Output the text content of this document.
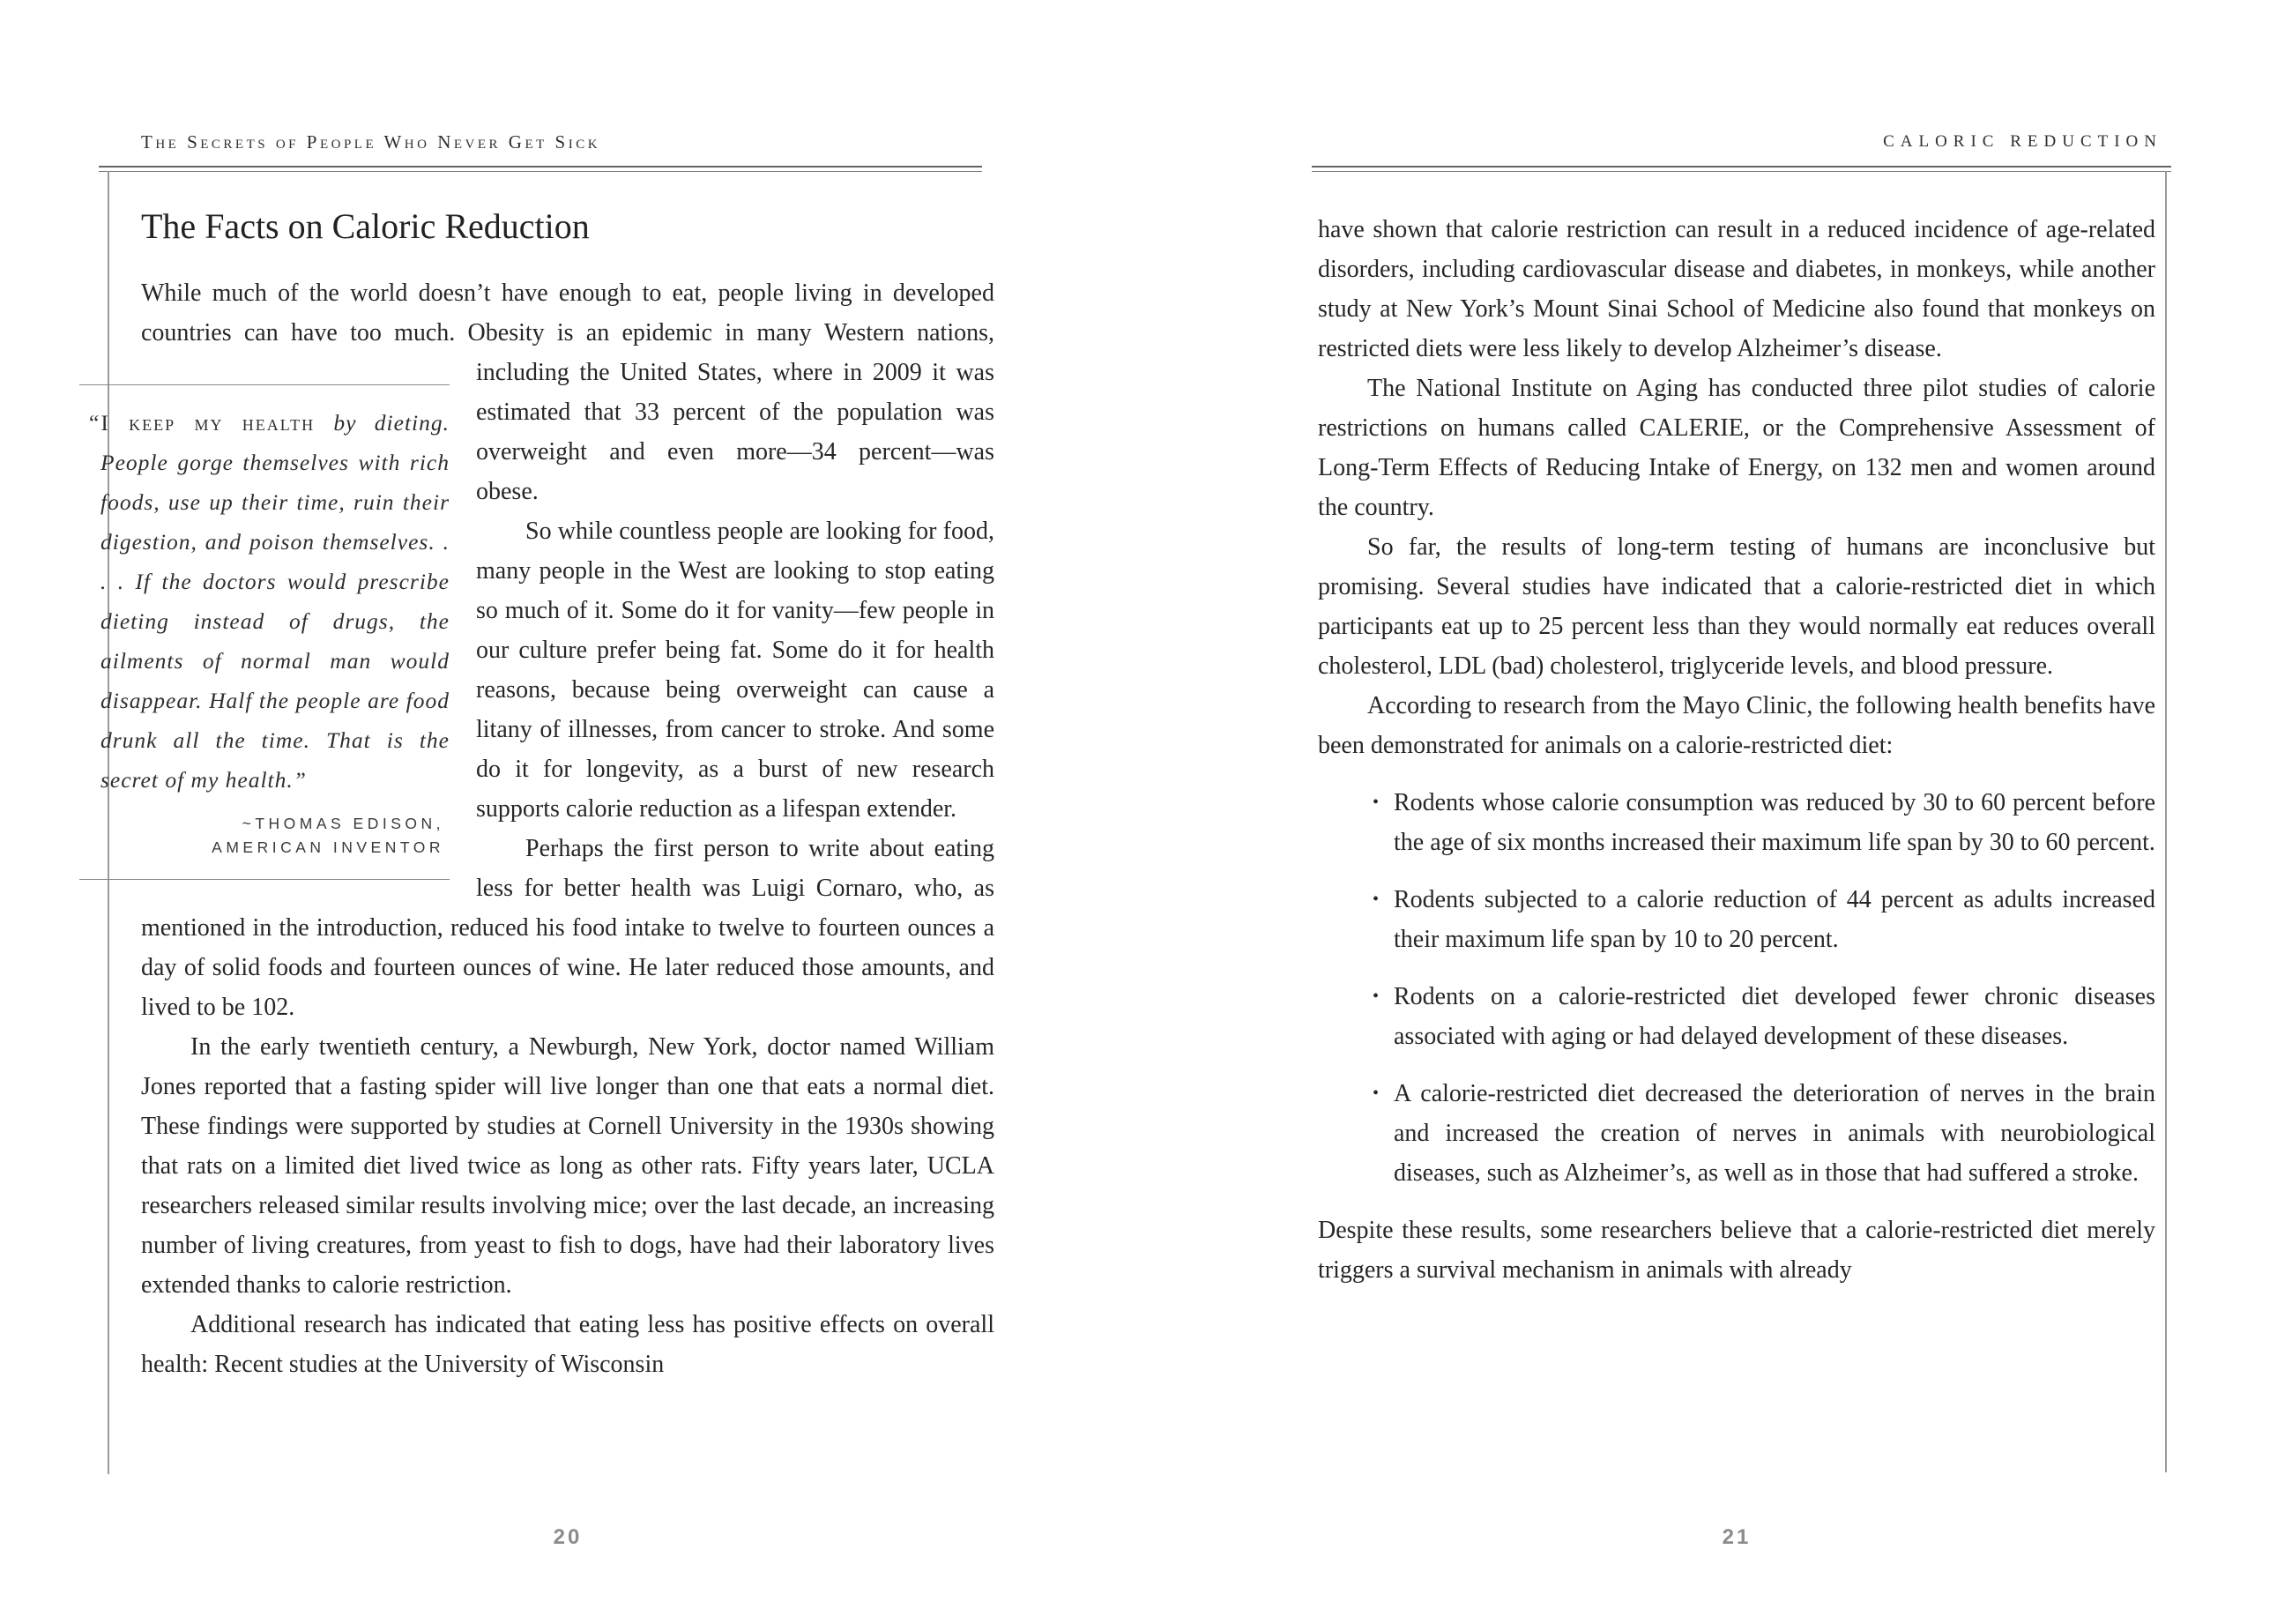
The Secrets of People Who Never Get Sick
The Facts on Caloric Reduction

While much of the world doesn’t have enough to eat, people living in developed countries can have too much. Obesity is an epidemic in many
“I keep my health by dieting. People gorge themselves with rich foods, use up their time, ruin their digestion, and poison themselves. . . . If the doctors would prescribe dieting instead of drugs, the ailments of normal man would disappear. Half the people are food drunk all the time. That is the secret of my health.”
~THOMAS EDISON,
AMERICAN INVENTOR
Western nations, including the United States, where in 2009 it was estimated that 33 percent of the population was overweight and even more—34 percent—was obese.

So while countless people are looking for food, many people in the West are looking to stop eating so much of it. Some do it for vanity—few people in our culture prefer being fat. Some do it for health reasons, because being overweight can cause a litany of illnesses, from cancer to stroke. And some do it for longevity, as a burst of new research supports calorie reduction as a lifespan extender.

Perhaps the first person to write about eating less for better health was Luigi Cornaro, who, as mentioned in the introduction, reduced his food intake to twelve to fourteen ounces a day of solid foods and fourteen ounces of wine. He later reduced those amounts, and lived to be 102.

In the early twentieth century, a Newburgh, New York, doctor named William Jones reported that a fasting spider will live longer than one that eats a normal diet. These findings were supported by studies at Cornell University in the 1930s showing that rats on a limited diet lived twice as long as other rats. Fifty years later, UCLA researchers released similar results involving mice; over the last decade, an increasing number of living creatures, from yeast to fish to dogs, have had their laboratory lives extended thanks to calorie restriction.

Additional research has indicated that eating less has positive effects on overall health: Recent studies at the University of Wisconsin

20
CALORIC REDUCTION

have shown that calorie restriction can result in a reduced incidence of age-related disorders, including cardiovascular disease and diabetes, in monkeys, while another study at New York’s Mount Sinai School of Medicine also found that monkeys on restricted diets were less likely to develop Alzheimer’s disease.

The National Institute on Aging has conducted three pilot studies of calorie restrictions on humans called CALERIE, or the Comprehensive Assessment of Long-Term Effects of Reducing Intake of Energy, on 132 men and women around the country.

So far, the results of long-term testing of humans are inconclusive but promising. Several studies have indicated that a calorie-restricted diet in which participants eat up to 25 percent less than they would normally eat reduces overall cholesterol, LDL (bad) cholesterol, triglyceride levels, and blood pressure.

According to research from the Mayo Clinic, the following health benefits have been demonstrated for animals on a calorie-restricted diet:

• Rodents whose calorie consumption was reduced by 30 to 60 percent before the age of six months increased their maximum life span by 30 to 60 percent.
• Rodents subjected to a calorie reduction of 44 percent as adults increased their maximum life span by 10 to 20 percent.
• Rodents on a calorie-restricted diet developed fewer chronic diseases associated with aging or had delayed development of these diseases.
• A calorie-restricted diet decreased the deterioration of nerves in the brain and increased the creation of nerves in animals with neurobiological diseases, such as Alzheimer’s, as well as in those that had suffered a stroke.

Despite these results, some researchers believe that a calorie-restricted diet merely triggers a survival mechanism in animals with already

21
